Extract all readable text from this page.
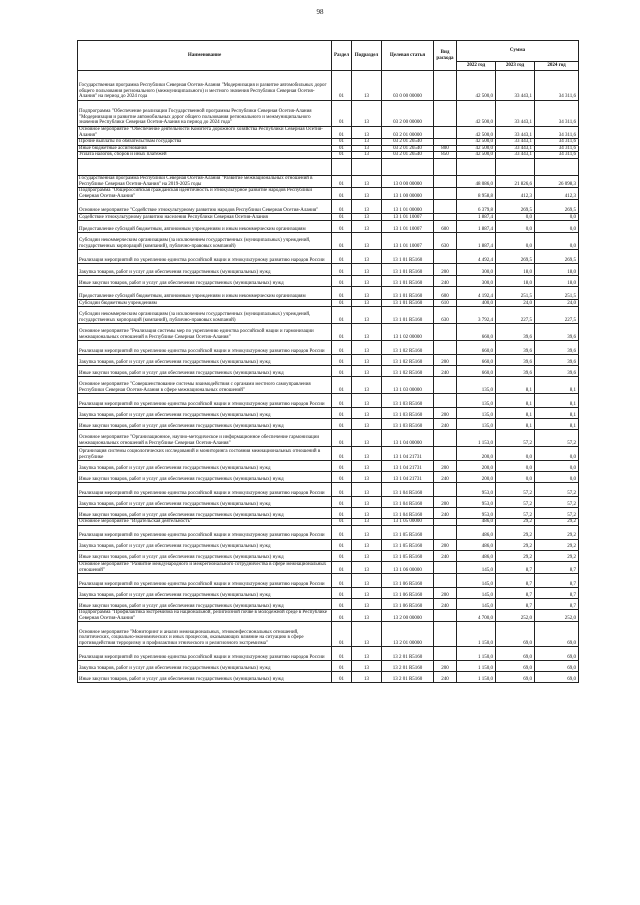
98
Наименование	Раздел	Подраздел	Целевая статья	Вид расхода	Сумма		
					2022 год	2023 год	2024 год
Государственная программа Республики Северная Осетия-Алания "Модернизация и развитие автомобильных дорог общего пользования регионального (межмуниципального) и местного значения Республики Северная Осетия-Алания" на период до 2024 года	01	13	03 0 00 00000		42 500,0	33 443,1	34 311,6
Подпрограмма "Обеспечение реализации Государственной программы Республики Северная Осетия-Алания "Модернизация и развитие автомобильных дорог общего пользования регионального и межмуниципального значения Республики Северная Осетия-Алания на период до 2024 года"	01	13	03 2 00 00000		42 500,0	33 443,1	34 311,6
Основное мероприятие "Обеспечение деятельности Комитета дорожного хозяйства Республики Северная Осетия-Алания"	01	13	03 2 01 00000		42 500,0	33 443,1	34 311,6
Прочие выплаты по обязательствам государства	01	13	03 2 01 26540		42 500,0	33 443,1	34 311,6
Иные бюджетные ассигнования	01	13	03 2 01 26540	800	42 500,0	33 443,1	34 311,6
Уплата налогов, сборов и иных платежей	01	13	03 2 01 26540	850	42 500,0	33 443,1	34 311,6

Государственная программа Республики Северная Осетия-Алания "Развитие межнациональных отношений в Республике Северная Осетия-Алания" на 2019-2025 годы	01	13	13 0 00 00000		48 086,0	21 826,6	26 098,3
Подпрограмма "Общероссийская гражданская идентичность и этнокультурное развитие народов Республики Северная Осетия-Алания"	01	13	13 1 00 00000		8 958,8	412,3	412,3
Основное мероприятие "Содействие этнокультурному развитию народов Республики Северная Осетия-Алания"	01	13	13 1 01 00000		6 379,8	269,5	269,5
Содействие этнокультурному развитию населения Республики Северная Осетия-Алания	01	13	13 1 01 10007		1 887,4	0,0	0,0
Предоставление субсидий бюджетным, автономным учреждениям и иным некоммерческим организациям	01	13	13 1 01 10007	600	1 887,4	0,0	0,0
Субсидии некоммерческим организациям (за исключением государственных (муниципальных) учреждений, государственных корпораций (компаний), публично-правовых компаний)	01	13	13 1 01 10007	630	1 887,4	0,0	0,0
Реализация мероприятий по укреплению единства российской нации и этнокультурному развитию народов России	01	13	13 1 01 R5160		4 492,4	269,5	269,5
Закупка товаров, работ и услуг для обеспечения государственных (муниципальных) нужд	01	13	13 1 01 R5160	200	300,0	18,0	18,0
Иные закупки товаров, работ и услуг для обеспечения государственных (муниципальных) нужд	01	13	13 1 01 R5160	240	300,0	18,0	18,0
Предоставление субсидий бюджетным, автономным учреждениям и иным некоммерческим организациям	01	13	13 1 01 R5160	600	4 192,4	251,5	251,5
Субсидии бюджетным учреждениям	01	13	13 1 01 R5160	610	400,0	24,0	24,0
Субсидии некоммерческим организациям (за исключением государственных (муниципальных) учреждений, государственных корпораций (компаний), публично-правовых компаний)	01	13	13 1 01 R5160	630	3 792,4	227,5	227,5
Основное мероприятие "Реализация системы мер по укреплению единства российской нации и гармонизации межнациональных отношений в Республике Северная Осетия-Алания"	01	13	13 1 02 00000		660,0	39,6	39,6
Реализация мероприятий по укреплению единства российской нации и этнокультурному развитию народов России	01	13	13 1 02 R5160		660,0	39,6	39,6
Закупка товаров, работ и услуг для обеспечения государственных (муниципальных) нужд	01	13	13 1 02 R5160	200	660,0	39,6	39,6
Иные закупки товаров, работ и услуг для обеспечения государственных (муниципальных) нужд	01	13	13 1 02 R5160	240	660,0	39,6	39,6
Основное мероприятие "Совершенствование системы взаимодействия с органами местного самоуправления Республики Северная Осетия-Алания в сфере межнациональных отношений"	01	13	13 1 03 00000		135,0	8,1	8,1
Реализация мероприятий по укреплению единства российской нации и этнокультурному развитию народов России	01	13	13 1 03 R5160		135,0	8,1	8,1
Закупка товаров, работ и услуг для обеспечения государственных (муниципальных) нужд	01	13	13 1 03 R5160	200	135,0	8,1	8,1
Иные закупки товаров, работ и услуг для обеспечения государственных (муниципальных) нужд	01	13	13 1 03 R5160	240	135,0	8,1	8,1
Основное мероприятие "Организационное, научно-методическое и информационное обеспечение гармонизации межнациональных отношений в Республике Северная Осетия-Алания"	01	13	13 1 04 00000		1 153,0	57,2	57,2
Организация системы социологических исследований и мониторинга состояния межнациональных отношений в республике	01	13	13 1 04 21731		200,0	0,0	0,0
Закупка товаров, работ и услуг для обеспечения государственных (муниципальных) нужд	01	13	13 1 04 21731	200	200,0	0,0	0,0
Иные закупки товаров, работ и услуг для обеспечения государственных (муниципальных) нужд	01	13	13 1 04 21731	240	200,0	0,0	0,0
Реализация мероприятий по укреплению единства российской нации и этнокультурному развитию народов России	01	13	13 1 04 R5160		953,0	57,2	57,2
Закупка товаров, работ и услуг для обеспечения государственных (муниципальных) нужд	01	13	13 1 04 R5160	200	953,0	57,2	57,2
Иные закупки товаров, работ и услуг для обеспечения государственных (муниципальных) нужд	01	13	13 1 04 R5160	240	953,0	57,2	57,2
Основное мероприятие "Издательская деятельность"	01	13	13 1 05 00000		486,0	29,2	29,2
Реализация мероприятий по укреплению единства российской нации и этнокультурному развитию народов России	01	13	13 1 05 R5160		486,0	29,2	29,2
Закупка товаров, работ и услуг для обеспечения государственных (муниципальных) нужд	01	13	13 1 05 R5160	200	486,0	29,2	29,2
Иные закупки товаров, работ и услуг для обеспечения государственных (муниципальных) нужд	01	13	13 1 05 R5160	240	486,0	29,2	29,2
Основное мероприятие "Развитие международного и межрегионального сотрудничества в сфере межнациональных отношений"	01	13	13 1 06 00000		145,0	8,7	8,7
Реализация мероприятий по укреплению единства российской нации и этнокультурному развитию народов России	01	13	13 1 06 R5160		145,0	8,7	8,7
Закупка товаров, работ и услуг для обеспечения государственных (муниципальных) нужд	01	13	13 1 06 R5160	200	145,0	8,7	8,7
Иные закупки товаров, работ и услуг для обеспечения государственных (муниципальных) нужд	01	13	13 1 06 R5160	240	145,0	8,7	8,7
Подпрограмма "Профилактика экстремизма на национальной, религиозной почве в молодежной среде в Республике Северная Осетия-Алания"	01	13	13 2 00 00000		4 700,0	252,0	252,0
Основное мероприятие "Мониторинг и анализ межнациональных, этноконфессиональных отношений, политических, социально-экономических и иных процессов, оказывающих влияние на ситуацию в сфере противодействия терроризму и профилактики этнического и религиозного экстремизма"	01	13	13 2 01 00000		1 150,0	69,0	69,0
Реализация мероприятий по укреплению единства российской нации и этнокультурному развитию народов России	01	13	13 2 01 R5160		1 150,0	69,0	69,0
Закупка товаров, работ и услуг для обеспечения государственных (муниципальных) нужд	01	13	13 2 01 R5160	200	1 150,0	69,0	69,0
Иные закупки товаров, работ и услуг для обеспечения государственных (муниципальных) нужд	01	13	13 2 01 R5160	240	1 150,0	69,0	69,0
